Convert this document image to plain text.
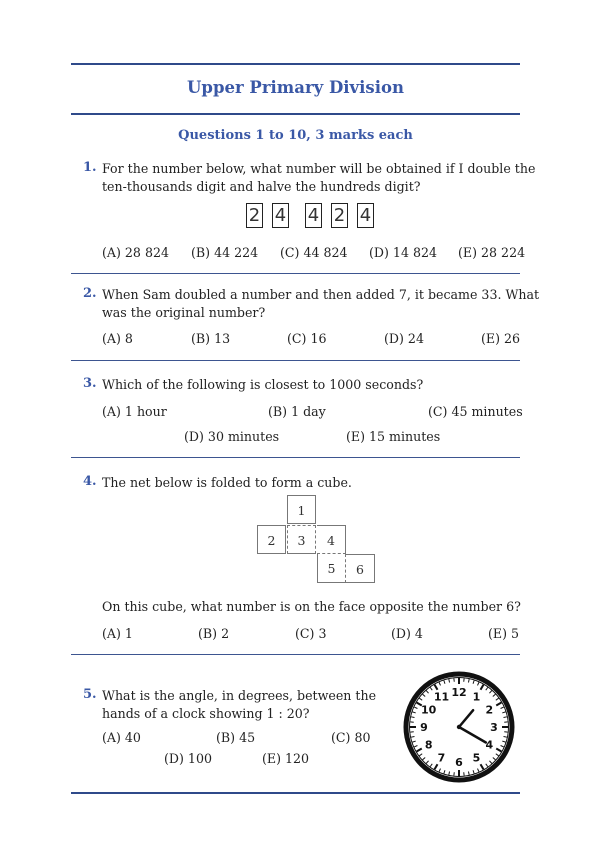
Upper Primary Division
Questions 1 to 10, 3 marks each
1. For the number below, what number will be obtained if I double the
ten-thousands digit and halve the hundreds digit?
2 4 4 2 4
(A) 28 824 (B) 44 224 (C) 44 824 (D) 14 824 (E) 28 224
2. When Sam doubled a number and then added 7, it became 33. What
was the original number?
(A) 8	(B) 13	(C) 16	(D) 24	(E) 26
3. Which of the following is closest to 1000 seconds?
(A) 1 hour	(B) 1 day	(C) 45 minutes
(D) 30 minutes	(E) 15 minutes
4. The net below is folded to form a cube.
1
2	3	4
5	6
On this cube, what number is on the face opposite the number 6?
(A) 1	(B) 2	(C) 3	(D) 4	(E) 5
5. What is the angle, in degrees, between the
hands of a clock showing 1 : 20?
(A) 40	(B) 45	(C) 80
(D) 100	(E) 120
12 1
2
3
4
5
6
7
8
9
10
11
